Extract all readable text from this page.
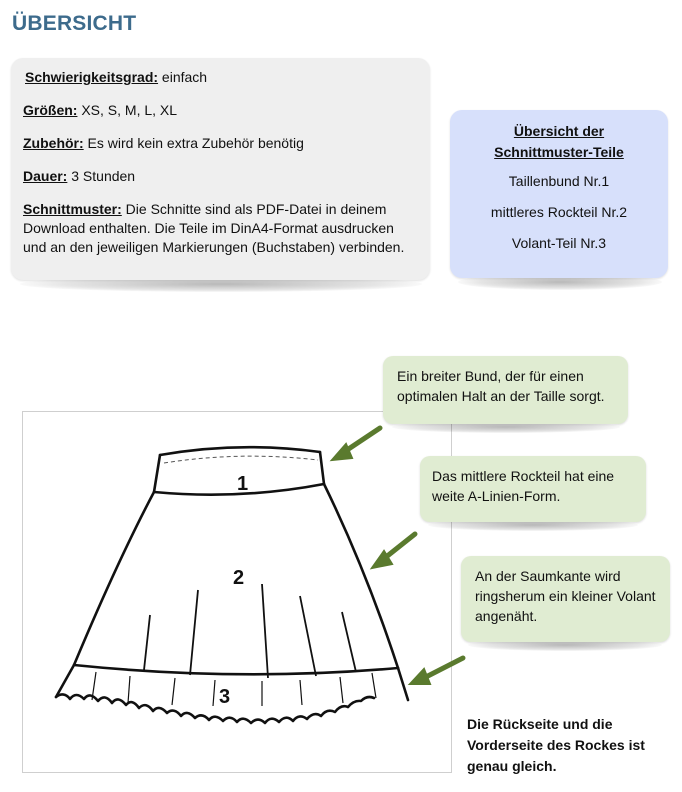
ÜBERSICHT
Schwierigkeitsgrad: einfach
Größen: XS, S, M, L, XL
Zubehör: Es wird kein extra Zubehör benötig
Dauer: 3 Stunden
Schnittmuster: Die Schnitte sind als PDF-Datei in deinem Download enthalten. Die Teile im DinA4-Format ausdrucken und an den jeweiligen Markierungen (Buchstaben) verbinden.
Übersicht der
Schnittmuster-Teile
Taillenbund Nr.1
mittleres Rockteil Nr.2
Volant-Teil Nr.3
1
2
3
Ein breiter Bund, der für einen optimalen Halt an der Taille sorgt.
Das mittlere Rockteil hat eine weite A-Linien-Form.
An der Saumkante wird ringsherum ein kleiner Volant angenäht.
Die Rückseite und die Vorderseite des Rockes ist genau gleich.
